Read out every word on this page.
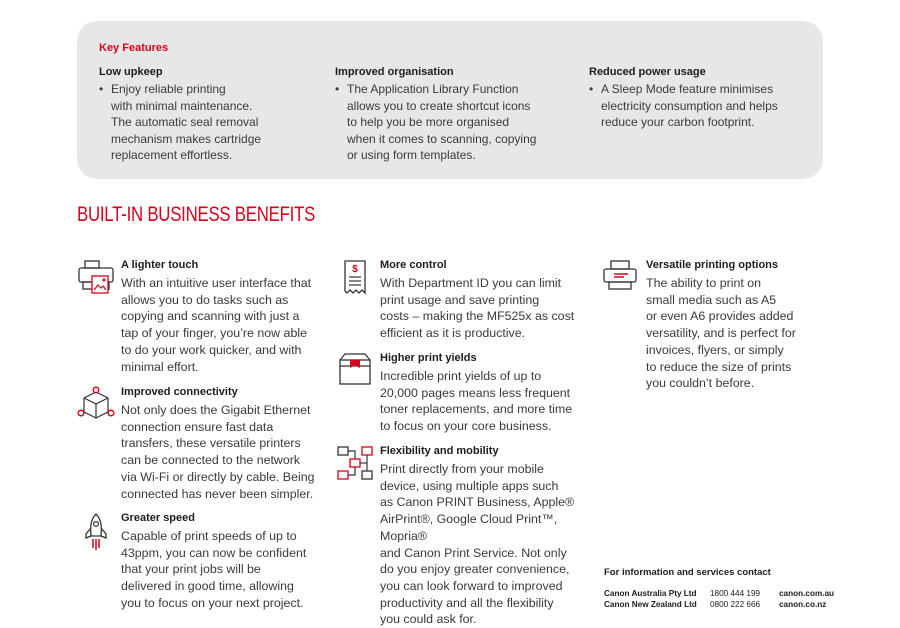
Key Features
Low upkeep
• Enjoy reliable printing
with minimal maintenance.
The automatic seal removal
mechanism makes cartridge
replacement effortless.
Improved organisation
• The Application Library Function
allows you to create shortcut icons
to help you be more organised
when it comes to scanning, copying
or using form templates.
Reduced power usage
• A Sleep Mode feature minimises
electricity consumption and helps
reduce your carbon footprint.
BUILT-IN BUSINESS BENEFITS
A lighter touch
With an intuitive user interface that
allows you to do tasks such as
copying and scanning with just a
tap of your finger, you’re now able
to do your work quicker, and with
minimal effort.
Improved connectivity
Not only does the Gigabit Ethernet
connection ensure fast data
transfers, these versatile printers
can be connected to the network
via Wi-Fi or directly by cable. Being
connected has never been simpler.
Greater speed
Capable of print speeds of up to
43ppm, you can now be confident
that your print jobs will be
delivered in good time, allowing
you to focus on your next project.
$ More control
With Department ID you can limit
print usage and save printing
costs – making the MF525x as cost
efficient as it is productive.
Higher print yields
Incredible print yields of up to
20,000 pages means less frequent
toner replacements, and more time
to focus on your core business.
Flexibility and mobility
Print directly from your mobile
device, using multiple apps such
as Canon PRINT Business, Apple®
AirPrint®, Google Cloud Print™, Mopria®
and Canon Print Service. Not only
do you enjoy greater convenience,
you can look forward to improved
productivity and all the flexibility
you could ask for.
Versatile printing options
The ability to print on
small media such as A5
or even A6 provides added
versatility, and is perfect for
invoices, flyers, or simply
to reduce the size of prints
you couldn’t before.
For information and services contact
Canon Australia Pty Ltd 1800 444 199 canon.com.au
Canon New Zealand Ltd 0800 222 666 canon.co.nz
